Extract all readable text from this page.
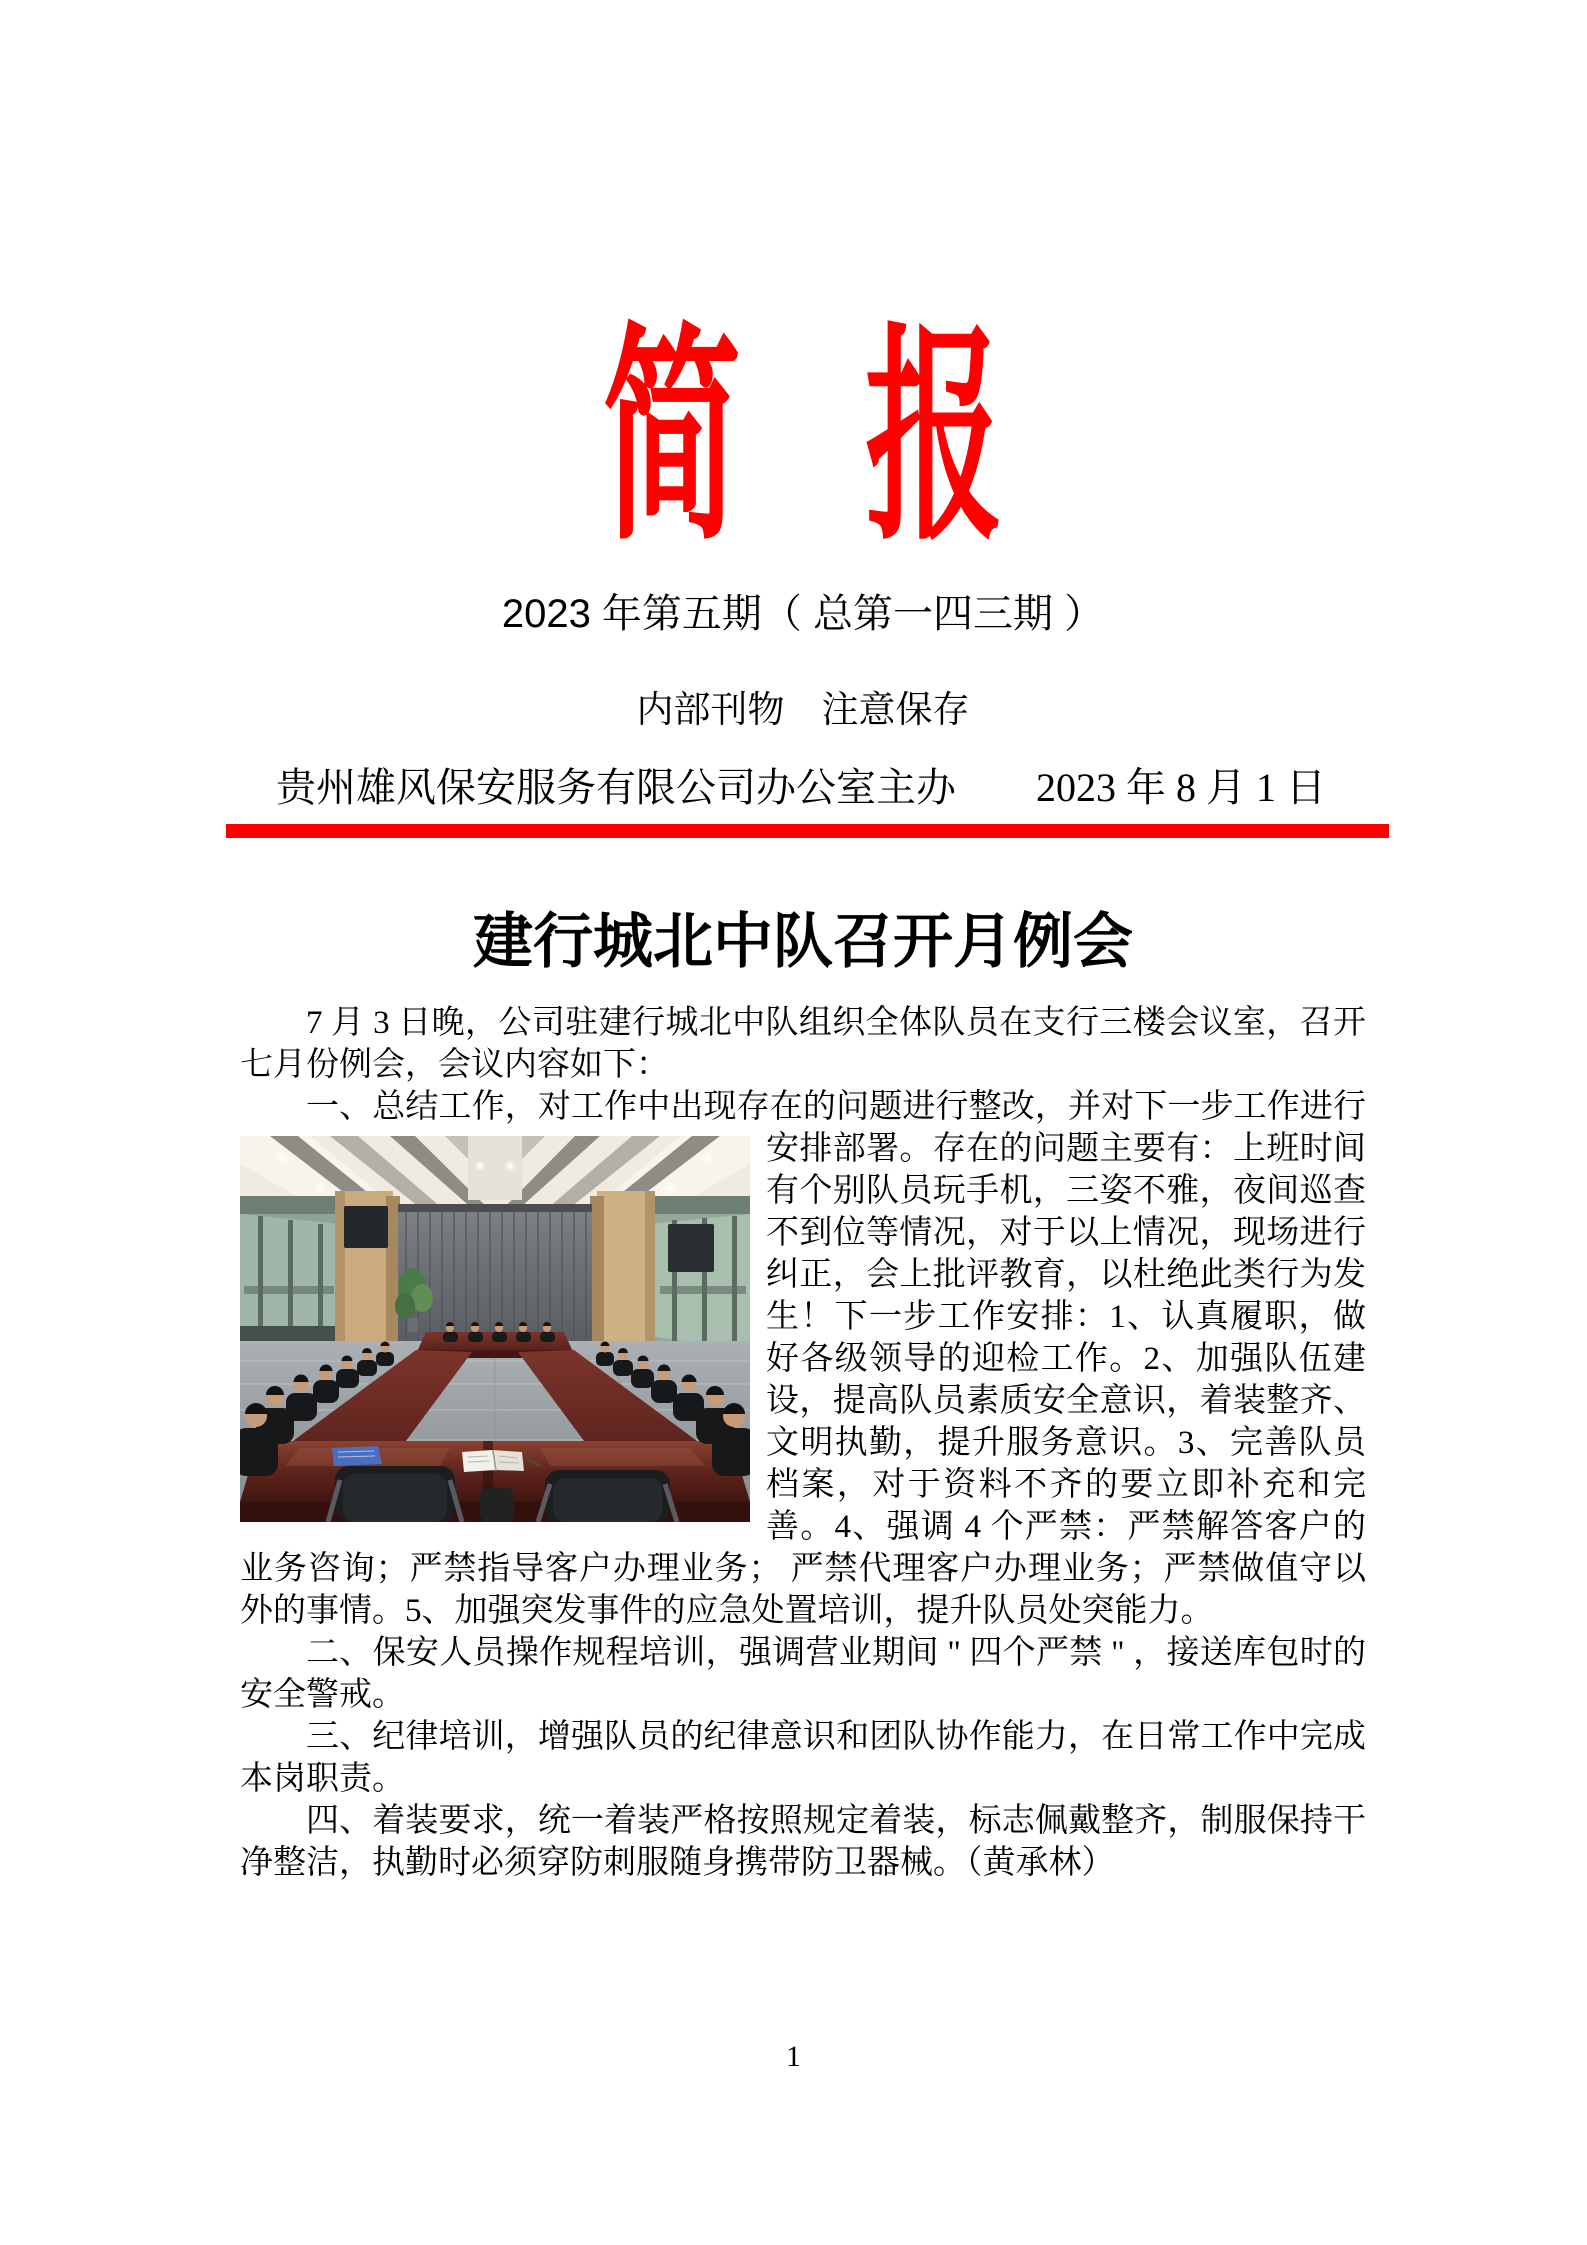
简报
2023 年第五期（ 总第一四三期 ）
内部刊物　注意保存
贵州雄风保安服务有限公司办公室主办 2023 年 8 月 1 日
建行城北中队召开月例会

7 月 3 日晚，公司驻建行城北中队组织全体队员在支行三楼会议室，召开七月份例会，会议内容如下：

一、总结工作，对工作中出现存在的问题进行整改，并对下一步工作进行安
排部署。存在的问题主要有：上班时间有个别队员玩手机，三姿不雅，夜间巡查不到位等情况，对于以上情况，现场进行纠正，会上批评教育，以杜绝此类行为发生！下一步工作安排：1、认真履职，做好各级领导的迎检工作。2、加强队伍建设，提高队员素质安全意识，着装整齐、文明执勤，提升服务意识。3、完善队员档案，对于资料不齐的要立即补充和完善。4、强调 4 个严禁：严禁解答客户的业务咨询；严禁指导客户办理业务； 严禁代理客户办理业务；严禁做值守以外的事情。5、加强突发事件的应急处置培训，提升队员处突能力。

二、保安人员操作规程培训，强调营业期间 " 四个严禁 " ，接送库包时的安全警戒。

三、纪律培训，增强队员的纪律意识和团队协作能力，在日常工作中完成本岗职责。

四、着装要求，统一着装严格按照规定着装，标志佩戴整齐，制服保持干净整洁，执勤时必须穿防刺服随身携带防卫器械。（黄承林）

1
